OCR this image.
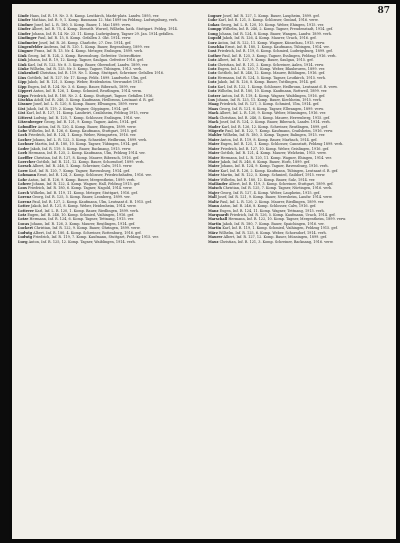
87

Linde Hans, Inf. R. 19. Nr. 3. 8. Kamp. Leutkirch, Markt-platz. Landw. 1895, ver.

Linder Mathias, Inf. R. 9, 1. Komp. Baumann 12. Mai 1899 im Feldzug. Ludwigsburg, verh.

Lindner Josef, Inf. L. R. 180, 5. Komp. Bauer, 1. Mai 1899. verw.

Linder Albert, Inf. R. 75, 4. Komp. Dienstlt. Wurzel, Wilhelm. kath. Stuttgart. Feldzg. 1914.

Linder Johann, Inf. R. 14. Nr. 23. 11. Komp. Ludwigsburg, Tagner 29. Jan. 1914 gefallen.

Lindinger Paul, Inf. R. 15, 8. Komp. Gefallen 3. Okt. 1914. verw.

Lindmeier Josef, Inf. R. 26. Komp. Charlotte, 27. Dez. 1914, gef.

Lingenfelder Andreas, Inf. R. 120. 1. Komp. Bauer, Regensburg, 1899. ver.

Lingner Franz, Inf. R. 13. Nr. 4. Komp. Metzger, Esslingen, 1899. verh.

Link Georg, Inf. R. 124, 2. Komp. Ravensburg. Gefreiter. Unteroffizier.

Link Johann, Inf. R. 19, 12. Komp. Tagner, Saulgau. Gefreiter 1916. gef.

Link Karl, Inf. R. 122. Nr. 8. 3. Komp. Bauer, Oberndorf, Landw. 1899, ver.

Linke Wilhelm, Inf. R. 125. Nr. 5. Komp. Tagner, Tübingen, 1913. verh.

Linkenheil Christian, Inf. R. 119. Nr. 1. Komp. Stuttgart, Schreiner. Gefallen 1916.

Lins Gottlieb, Inf. R. 127. Nr. 17. Komp. Feldz. 1899. Landwehr. Ulm, gef.

Lipp Jakob, Inf. R. 121, 5. Komp. Weber, Heidenheim. Verwundet 1915.

Lipp Eugen, Inf. R. 124. Nr. 3. 6. Komp. Bauer, Biberach, 1899, ver.

Lippert Anton, Inf. R. 126, 1. Komp. Schmied, Reutlingen, 1914. verm.

Lipps Friedrich, Inf. R. 180. Nr. 2. 4. Komp. Stuttgart, Tagner. Gefallen 1916.

Lischka Adolf, Inf. R. 246, 3. Komp. Kaufmann, Heilbronn, Leutnant d. R. gef.

Lissner Josef, Inf. L. R. 120, 8. Komp. Bauer, Ellwangen, 1899. verw.

List Jakob, Inf. R. 119, 2. Komp. Wagner, Göppingen, 1914. gef.

List Karl, Inf. R. 127, 11. Komp. Landwirt, Crailsheim, Feldzug 1915, verw.

Litterst Ludwig, Inf. R. 125, 7. Komp. Schlosser, Esslingen, 1916. ver.

Litzenberger Georg, Inf. R. 121, 9. Komp. Tagner, Aalen, 1914. gef.

Lobmiller Anton, Inf. R. 120, 4. Komp. Bauer, Ehingen, 1899. verw.

Lobe Wilhelm, Inf. R. 126, 6. Komp. Kaufmann, Stuttgart, 1915. gef.

Loch Friedrich, Inf. R. 124, 1. Komp. Weber, Weingarten, 1916. ver.

Locher Johann, Inf. L. R. 122, 3. Komp. Schneider, Heilbronn, 1899. verh.

Lochner Martin, Inf. R. 180, 10. Komp. Tagner, Tübingen, 1914. gef.

Loder Jakob, Inf. R. 119, 5. Komp. Bauer, Backnang, 1915. verw.

Loeb Hermann, Inf. R. 125, 2. Komp. Kaufmann, Ulm, Feldzug 1914. ver.

Loeffler Christian, Inf. R. 127, 8. Komp. Maurer, Biberach, 1916. gef.

Loercher Gottlob, Inf. R. 121, 12. Komp. Bauer, Schorndorf, 1899. verh.

Loesch Albert, Inf. R. 246, 1. Komp. Schreiner, Calw, 1915. verw.

Loew Karl, Inf. R. 120, 7. Komp. Tagner, Ravensburg, 1914. gef.

Lohmann Ernst, Inf. R. 124, 3. Komp. Schlosser, Friedrichshafen, 1916. ver.

Lohr Anton, Inf. R. 126, 9. Komp. Bauer, Mergentheim, 1899. verh.

Lohrer Johann, Inf. R. 122, 4. Komp. Wagner, Hall, Feldzug 1915. gef.

Loos Friedrich, Inf. R. 180, 6. Komp. Tagner, Nagold, 1914. verw.

Lorch Wilhelm, Inf. R. 119, 11. Komp. Metzger, Stuttgart, 1916. gef.

Lorenz Georg, Inf. R. 125, 5. Komp. Bauer, Leonberg, 1899. ver.

Lorenz Paul, Inf. R. 127, 2. Komp. Kaufmann, Ulm, Leutnant d. R. 1915. gef.

Lotter Jakob, Inf. R. 121, 8. Komp. Weber, Heidenheim, 1914. verw.

Lotterer Karl, Inf. L. R. 120, 1. Komp. Bauer, Riedlingen, 1899. verh.

Lotz Eugen, Inf. R. 246, 10. Komp. Schmied, Vaihingen, 1916. gef.

Lotze Hermann, Inf. R. 124, 6. Komp. Tagner, Tettnang, 1915. ver.

Lucas Johann, Inf. R. 126, 3. Komp. Maurer, Reutlingen, 1914. gef.

Luckert Christian, Inf. R. 122, 9. Komp. Bauer, Öhringen, 1899. verw.

Ludwig Albert, Inf. R. 180, 4. Komp. Schreiner, Rottenburg, 1916. gef.

Ludwig Friedrich, Inf. R. 119, 7. Komp. Kaufmann, Stuttgart, Feldzug 1915. ver.

Lueg Anton, Inf. R. 125, 12. Komp. Tagner, Waiblingen, 1914. verh.

Lugner Josef, Inf. R. 127, 1. Komp. Bauer, Laupheim, 1899. gef.

Luhr Karl, Inf. R. 121, 5. Komp. Schlosser, Gmünd, 1916. verw.

Lukas Georg, Inf. L. R. 120, 10. Komp. Weber, Ehingen, 1915. ver.

Lumpp Wilhelm, Inf. R. 246, 2. Komp. Tagner, Freudenstadt, 1914. gef.

Lung Johann, Inf. R. 124, 8. Komp. Bauer, Wangen, Landw. 1899. verh.

Lupold Jakob, Inf. R. 126, 4. Komp. Maurer, Urach, 1916. gef.

Lurz Anton, Inf. R. 122, 11. Komp. Wagner, Künzelsau, 1915. verw.

Luschka Ernst, Inf. R. 180, 1. Komp. Kaufmann, Tübingen, 1914. ver.

Lust Friedrich, Inf. R. 119, 6. Komp. Schmied, Ludwigsburg, 1899. gef.

Luther Paul, Inf. R. 125, 3. Komp. Tagner, Esslingen, Feldzug 1916. verh.

Lutz Albert, Inf. R. 127, 9. Komp. Bauer, Saulgau, 1915. gef.

Lutz Christian, Inf. R. 121, 2. Komp. Schreiner, Aalen, 1914. verw.

Lutz Eugen, Inf. L. R. 120, 7. Komp. Weber, Blaubeuren, 1899. ver.

Lutz Gottlieb, Inf. R. 246, 12. Komp. Maurer, Böblingen, 1916. gef.

Lutz Hermann, Inf. R. 124, 5. Komp. Tagner, Leutkirch, 1915. verh.

Lutz Jakob, Inf. R. 126, 8. Komp. Bauer, Tuttlingen, 1914. gef.

Lutz Karl, Inf. R. 122, 1. Komp. Schlosser, Heilbronn, Leutnant d. R. verw.

Lutz Wilhelm, Inf. R. 180, 10. Komp. Kaufmann, Rottweil, 1899. ver.

Lutzer Anton, Inf. R. 119, 4. Komp. Wagner, Waiblingen, 1916. gef.

Lux Johann, Inf. R. 125, 11. Komp. Bauer, Kirchheim, 1915. verh.

Maag Friedrich, Inf. R. 127, 3. Komp. Schmied, Ulm, 1914. gef.

Maas Georg, Inf. R. 121, 6. Komp. Tagner, Ellwangen, 1899. verw.

Mack Albert, Inf. L. R. 120, 9. Komp. Weber, Münsingen, 1916. ver.

Mack Christian, Inf. R. 246, 5. Komp. Maurer, Herrenberg, 1915. gef.

Mack Josef, Inf. R. 124, 2. Komp. Bauer, Biberach, Landw. 1914. verh.

Mader Karl, Inf. R. 126, 12. Komp. Schreiner, Reutlingen, 1899. gef.

Mägerle Paul, Inf. R. 122, 7. Komp. Kaufmann, Crailsheim, 1916. verw.

Mahler Wilhelm, Inf. R. 180, 3. Komp. Tagner, Balingen, 1915. ver.

Maier Anton, Inf. R. 119, 8. Komp. Bauer, Marbach, 1914. gef.

Maier Eugen, Inf. R. 125, 1. Komp. Schlosser, Cannstatt, Feldzug 1899. verh.

Maier Friedrich, Inf. R. 127, 10. Komp. Weber, Geislingen, 1916. gef.

Maier Gottlob, Inf. R. 121, 4. Komp. Maurer, Welzheim, 1915. verw.

Maier Hermann, Inf. L. R. 120, 11. Komp. Wagner, Ehingen, 1914. ver.

Maier Jakob, Inf. R. 246, 6. Komp. Bauer, Horb, 1899. gef.

Maier Johann, Inf. R. 124, 9. Komp. Tagner, Ravensburg, 1916. verh.

Maier Karl, Inf. R. 126, 2. Komp. Kaufmann, Tübingen, Leutnant d. R. gef.

Maier Martin, Inf. R. 122, 5. Komp. Schmied, Gaildorf, 1915. verw.

Maier Wilhelm, Inf. R. 180, 12. Komp. Bauer, Sulz, 1914. ver.

Mailänder Albert, Inf. R. 119, 3. Komp. Schreiner, Stuttgart, 1899. gef.

Maisch Christian, Inf. R. 125, 7. Komp. Tagner, Nürtingen, 1916. verh.

Majer Georg, Inf. R. 127, 4. Komp. Weber, Laupheim, 1915. gef.

Mall Josef, Inf. R. 121, 9. Komp. Bauer, Neresheim, Landw. 1914. verw.

Maltz Paul, Inf. L. R. 120, 2. Komp. Maurer, Riedlingen, 1899. ver.

Mann Anton, Inf. R. 246, 8. Komp. Schlosser, Calw, 1916. gef.

Manz Eugen, Inf. R. 124, 11. Komp. Wagner, Tettnang, 1915. verh.

Marquardt Friedrich, Inf. R. 126, 5. Komp. Kaufmann, Urach, 1914. gef.

Marschall Hermann, Inf. R. 122, 10. Komp. Tagner, Mergentheim, 1899. verw.

Martin Jakob, Inf. R. 180, 7. Komp. Bauer, Spaichingen, 1916. ver.

Martin Karl, Inf. R. 119, 1. Komp. Schmied, Vaihingen, Feldzug 1915. gef.

März Wilhelm, Inf. R. 125, 6. Komp. Weber, Schorndorf, 1914. verh.

Maurer Albert, Inf. R. 127, 12. Komp. Bauer, Münsingen, 1899. gef.

Mauz Christian, Inf. R. 121, 3. Komp. Schreiner, Backnang, 1916. verw.
